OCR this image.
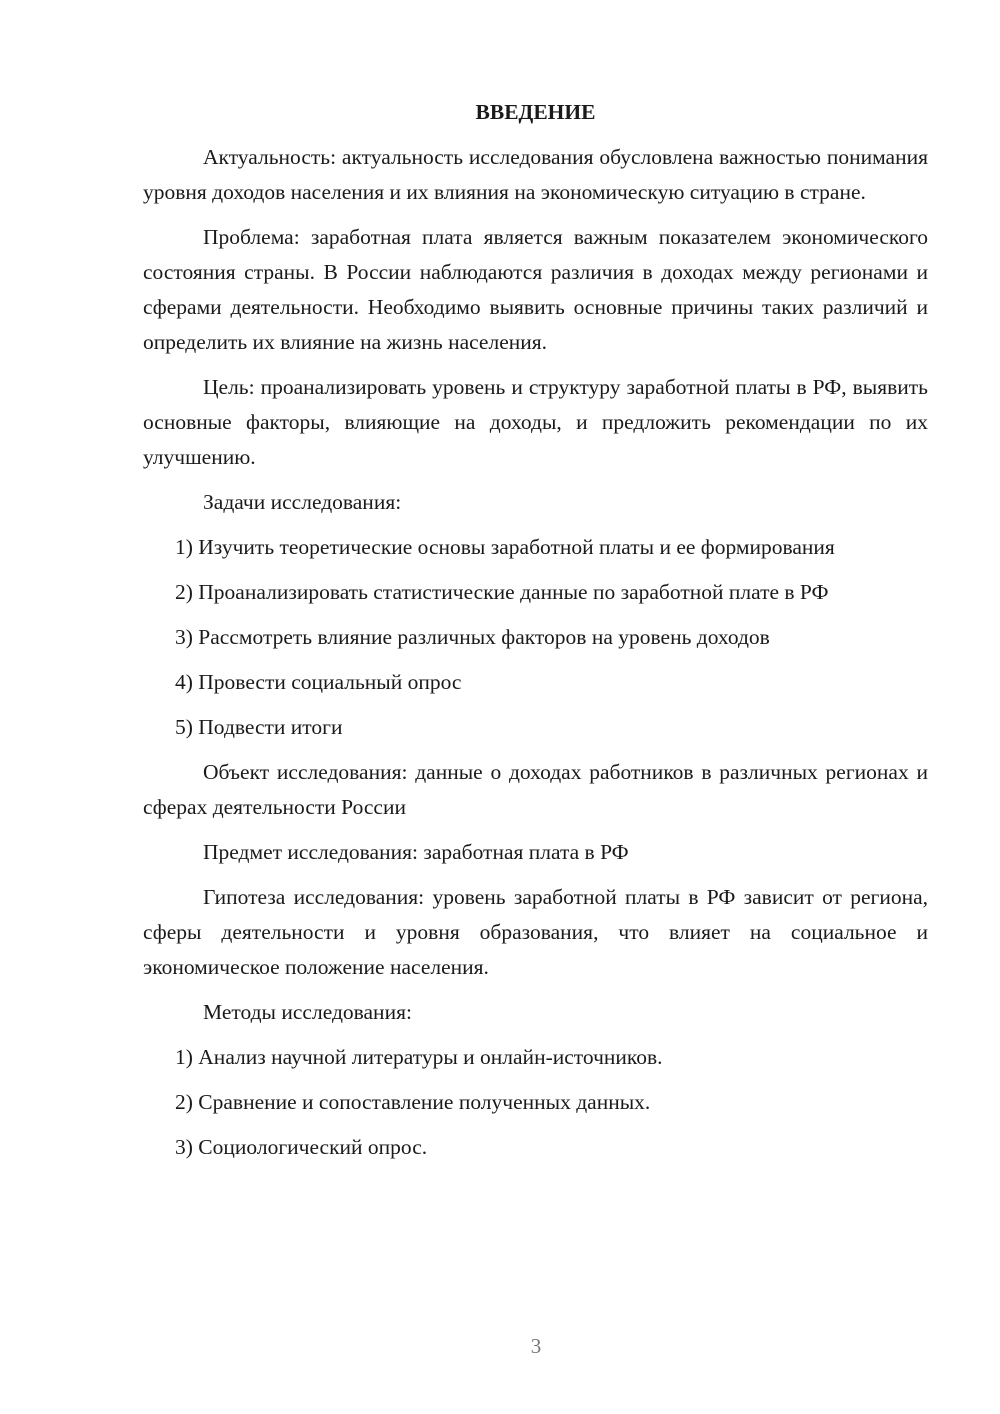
ВВЕДЕНИЕ

Актуальность: актуальность исследования обусловлена важностью понимания уровня доходов населения и их влияния на экономическую ситуацию в стране.

Проблема: заработная плата является важным показателем экономического состояния страны. В России наблюдаются различия в доходах между регионами и сферами деятельности. Необходимо выявить основные причины таких различий и определить их влияние на жизнь населения.

Цель: проанализировать уровень и структуру заработной платы в РФ, выявить основные факторы, влияющие на доходы, и предложить рекомендации по их улучшению.

Задачи исследования:

1) Изучить теоретические основы заработной платы и ее формирования

2) Проанализировать статистические данные по заработной плате в РФ

3) Рассмотреть влияние различных факторов на уровень доходов

4) Провести социальный опрос

5) Подвести итоги

Объект исследования: данные о доходах работников в различных регионах и сферах деятельности России

Предмет исследования: заработная плата в РФ

Гипотеза исследования: уровень заработной платы в РФ зависит от региона, сферы деятельности и уровня образования, что влияет на социальное и экономическое положение населения.

Методы исследования:

1) Анализ научной литературы и онлайн-источников.

2) Сравнение и сопоставление полученных данных.

3) Социологический опрос.

3
